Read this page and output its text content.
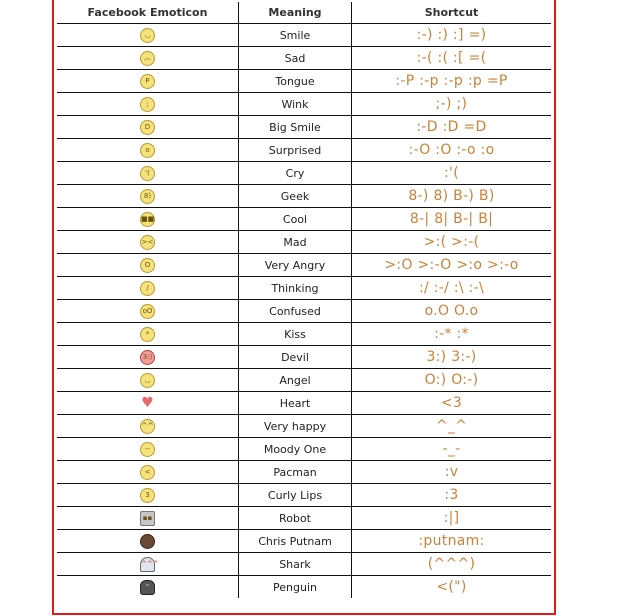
Facebook Emoticon	Meaning	Shortcut
◡	Smile	:-) :) :] =)
︵	Sad	:-( :( :[ =(
P	Tongue	:-P :-p :-p :p =P
;	Wink	;-) ;)
D	Big Smile	:-D :D =D
o	Surprised	:-O :O :-o :o
'(	Cry	:'(
8)	Geek	8-) 8) B-) B)
■■	Cool	8-| 8| B-| B|
><	Mad	>:( >:-(
O	Very Angry	>:O >:-O >:o >:-o
/	Thinking	:/ :-/ :\ :-\
oO	Confused	o.O O.o
*	Kiss	:-* :*
3:)	Devil	3:) 3:-)
◡	Angel	O:) O:-)
♥	Heart	<3
^^	Very happy	^_^
--	Moody One	-_-
<	Pacman	:v
3	Curly Lips	:3
▪▪	Robot	:|]
	Chris Putnam	:putnam:
^^^	Shark	(^^^)
"	Penguin	<(")
